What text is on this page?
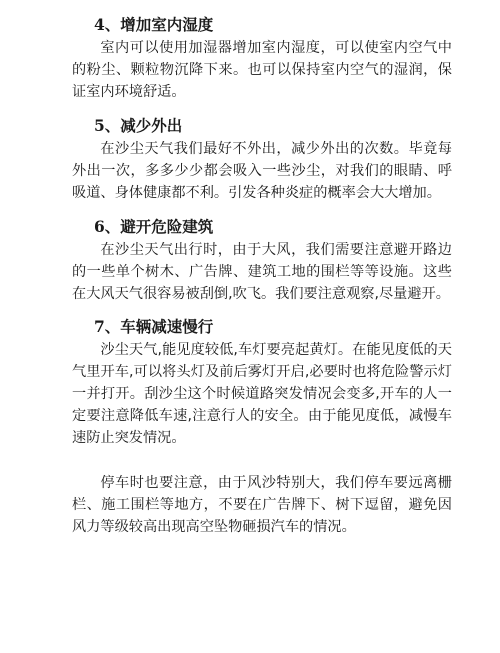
4、增加室内湿度

室内可以使用加湿器增加室内湿度，可以使室内空气中的粉尘、颗粒物沉降下来。也可以保持室内空气的湿润，保证室内环境舒适。

5、减少外出

在沙尘天气我们最好不外出，减少外出的次数。毕竟每外出一次，多多少少都会吸入一些沙尘，对我们的眼睛、呼吸道、身体健康都不利。引发各种炎症的概率会大大增加。

6、避开危险建筑

在沙尘天气出行时，由于大风，我们需要注意避开路边的一些单个树木、广告牌、建筑工地的围栏等等设施。这些在大风天气很容易被刮倒,吹飞。我们要注意观察,尽量避开。

7、车辆减速慢行

沙尘天气,能见度较低,车灯要亮起黄灯。在能见度低的天气里开车,可以将头灯及前后雾灯开启,必要时也将危险警示灯一并打开。刮沙尘这个时候道路突发情况会变多,开车的人一定要注意降低车速,注意行人的安全。由于能见度低，减慢车速防止突发情况。

停车时也要注意，由于风沙特别大，我们停车要远离栅栏、施工围栏等地方，不要在广告牌下、树下逗留，避免因风力等级较高出现高空坠物砸损汽车的情况。
